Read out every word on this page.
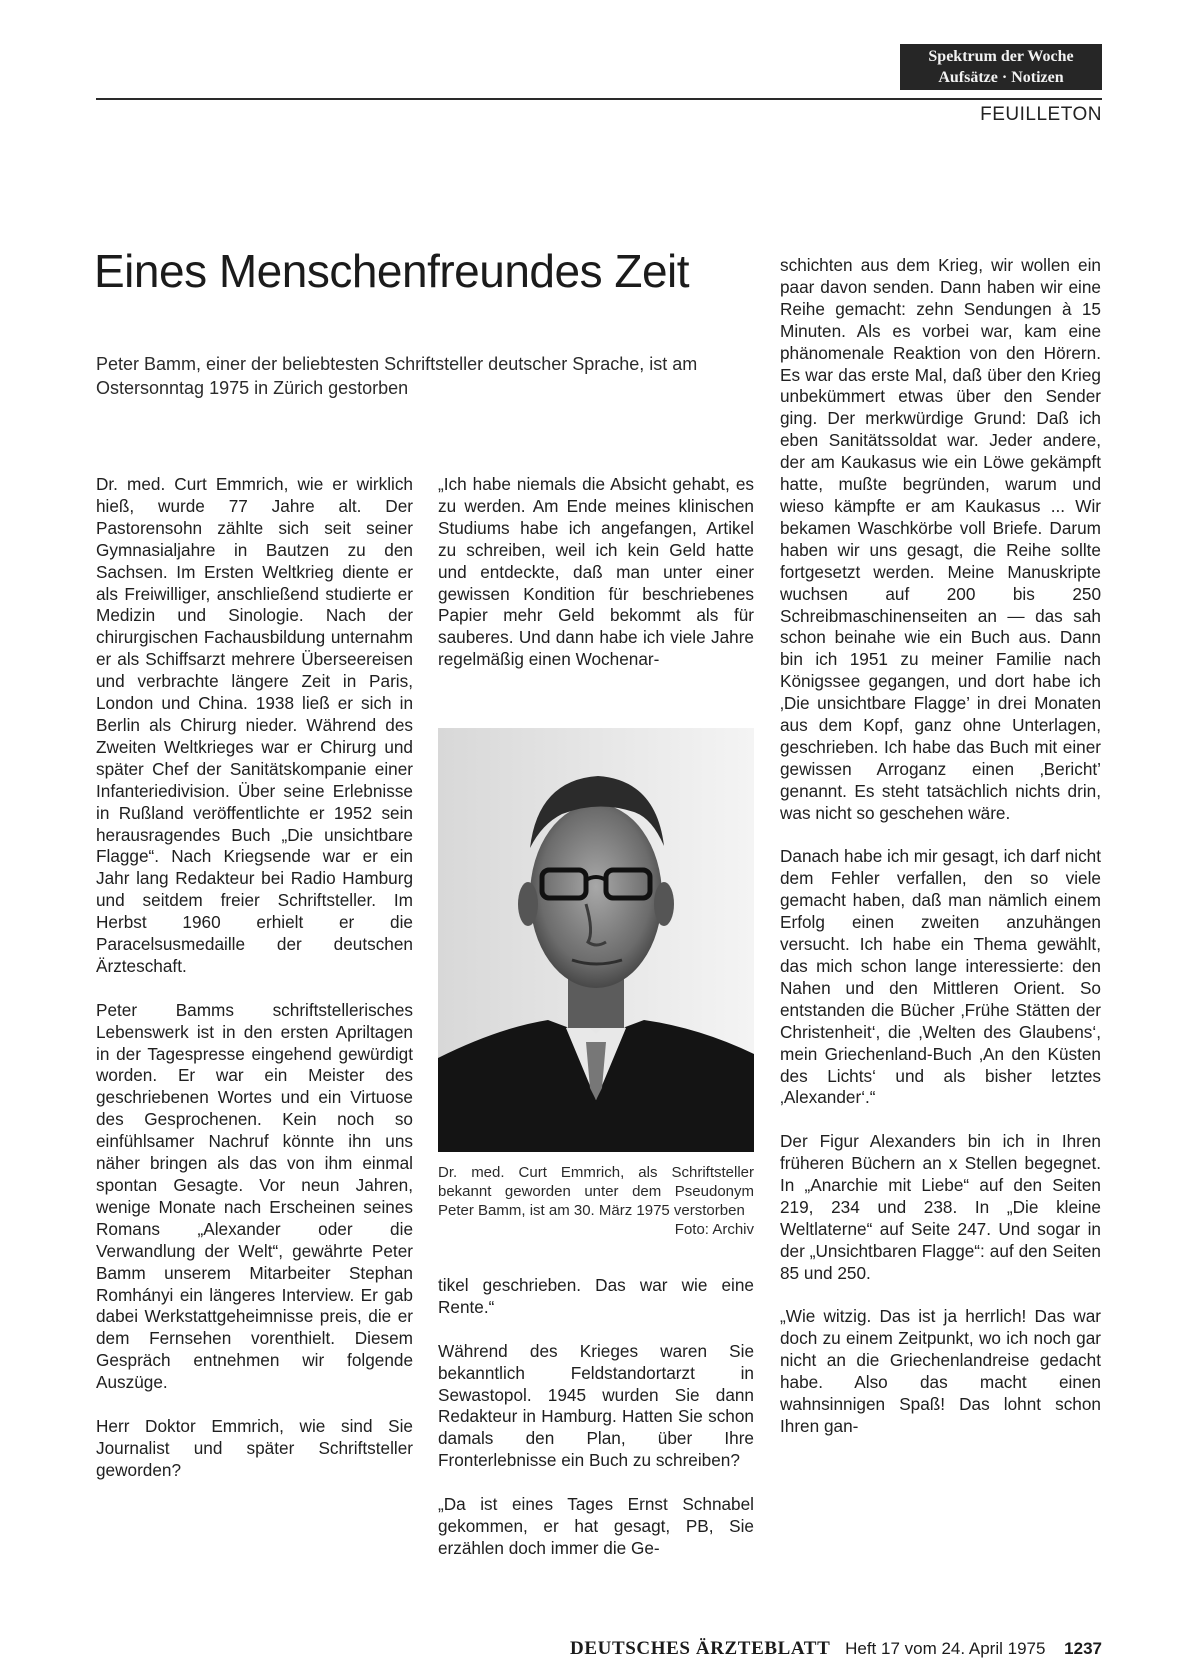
Spektrum der Woche
Aufsätze · Notizen
FEUILLETON
Eines Menschenfreundes Zeit

Peter Bamm, einer der beliebtesten Schriftsteller deutscher Sprache, ist am Ostersonntag 1975 in Zürich gestorben

Dr. med. Curt Emmrich, wie er wirklich hieß, wurde 77 Jahre alt. Der Pastorensohn zählte sich seit seiner Gymnasialjahre in Bautzen zu den Sachsen. Im Ersten Weltkrieg diente er als Freiwilliger, anschließend studierte er Medizin und Sinologie. Nach der chirurgischen Fachausbildung unternahm er als Schiffsarzt mehrere Überseereisen und verbrachte längere Zeit in Paris, London und China. 1938 ließ er sich in Berlin als Chirurg nieder. Während des Zweiten Weltkrieges war er Chirurg und später Chef der Sanitätskompanie einer Infanteriedivision. Über seine Erlebnisse in Rußland veröffentlichte er 1952 sein herausragendes Buch „Die unsichtbare Flagge“. Nach Kriegsende war er ein Jahr lang Redakteur bei Radio Hamburg und seitdem freier Schriftsteller. Im Herbst 1960 erhielt er die Paracelsusmedaille der deutschen Ärzteschaft.

Peter Bamms schriftstellerisches Lebenswerk ist in den ersten Apriltagen in der Tagespresse eingehend gewürdigt worden. Er war ein Meister des geschriebenen Wortes und ein Virtuose des Gesprochenen. Kein noch so einfühlsamer Nachruf könnte ihn uns näher bringen als das von ihm einmal spontan Gesagte. Vor neun Jahren, wenige Monate nach Erscheinen seines Romans „Alexander oder die Verwandlung der Welt“, gewährte Peter Bamm unserem Mitarbeiter Stephan Romhányi ein längeres Interview. Er gab dabei Werkstattgeheimnisse preis, die er dem Fernsehen vorenthielt. Diesem Gespräch entnehmen wir folgende Auszüge.

Herr Doktor Emmrich, wie sind Sie Journalist und später Schriftsteller geworden?

„Ich habe niemals die Absicht gehabt, es zu werden. Am Ende meines klinischen Studiums habe ich angefangen, Artikel zu schreiben, weil ich kein Geld hatte und entdeckte, daß man unter einer gewissen Kondition für beschriebenes Papier mehr Geld bekommt als für sauberes. Und dann habe ich viele Jahre regelmäßig einen Wochenar-

Dr. med. Curt Emmrich, als Schriftsteller bekannt geworden unter dem Pseudonym Peter Bamm, ist am 30. März 1975 verstorben
Foto: Archiv

tikel geschrieben. Das war wie eine Rente.“

Während des Krieges waren Sie bekanntlich Feldstandortarzt in Sewastopol. 1945 wurden Sie dann Redakteur in Hamburg. Hatten Sie schon damals den Plan, über Ihre Fronterlebnisse ein Buch zu schreiben?

„Da ist eines Tages Ernst Schnabel gekommen, er hat gesagt, PB, Sie erzählen doch immer die Ge-

schichten aus dem Krieg, wir wollen ein paar davon senden. Dann haben wir eine Reihe gemacht: zehn Sendungen à 15 Minuten. Als es vorbei war, kam eine phänomenale Reaktion von den Hörern. Es war das erste Mal, daß über den Krieg unbekümmert etwas über den Sender ging. Der merkwürdige Grund: Daß ich eben Sanitätssoldat war. Jeder andere, der am Kaukasus wie ein Löwe gekämpft hatte, mußte begründen, warum und wieso kämpfte er am Kaukasus ... Wir bekamen Waschkörbe voll Briefe. Darum haben wir uns gesagt, die Reihe sollte fortgesetzt werden. Meine Manuskripte wuchsen auf 200 bis 250 Schreibmaschinenseiten an — das sah schon beinahe wie ein Buch aus. Dann bin ich 1951 zu meiner Familie nach Königssee gegangen, und dort habe ich ‚Die unsichtbare Flagge’ in drei Monaten aus dem Kopf, ganz ohne Unterlagen, geschrieben. Ich habe das Buch mit einer gewissen Arroganz einen ‚Bericht’ genannt. Es steht tatsächlich nichts drin, was nicht so geschehen wäre.

Danach habe ich mir gesagt, ich darf nicht dem Fehler verfallen, den so viele gemacht haben, daß man nämlich einem Erfolg einen zweiten anzuhängen versucht. Ich habe ein Thema gewählt, das mich schon lange interessierte: den Nahen und den Mittleren Orient. So entstanden die Bücher ‚Frühe Stätten der Christenheit‘, die ‚Welten des Glaubens‘, mein Griechenland-Buch ‚An den Küsten des Lichts‘ und als bisher letztes ‚Alexander‘.“

Der Figur Alexanders bin ich in Ihren früheren Büchern an x Stellen begegnet. In „Anarchie mit Liebe“ auf den Seiten 219, 234 und 238. In „Die kleine Weltlaterne“ auf Seite 247. Und sogar in der „Unsichtbaren Flagge“: auf den Seiten 85 und 250.

„Wie witzig. Das ist ja herrlich! Das war doch zu einem Zeitpunkt, wo ich noch gar nicht an die Griechenlandreise gedacht habe. Also das macht einen wahnsinnigen Spaß! Das lohnt schon Ihren gan-

DEUTSCHES ÄRZTEBLATT Heft 17 vom 24. April 1975 1237
